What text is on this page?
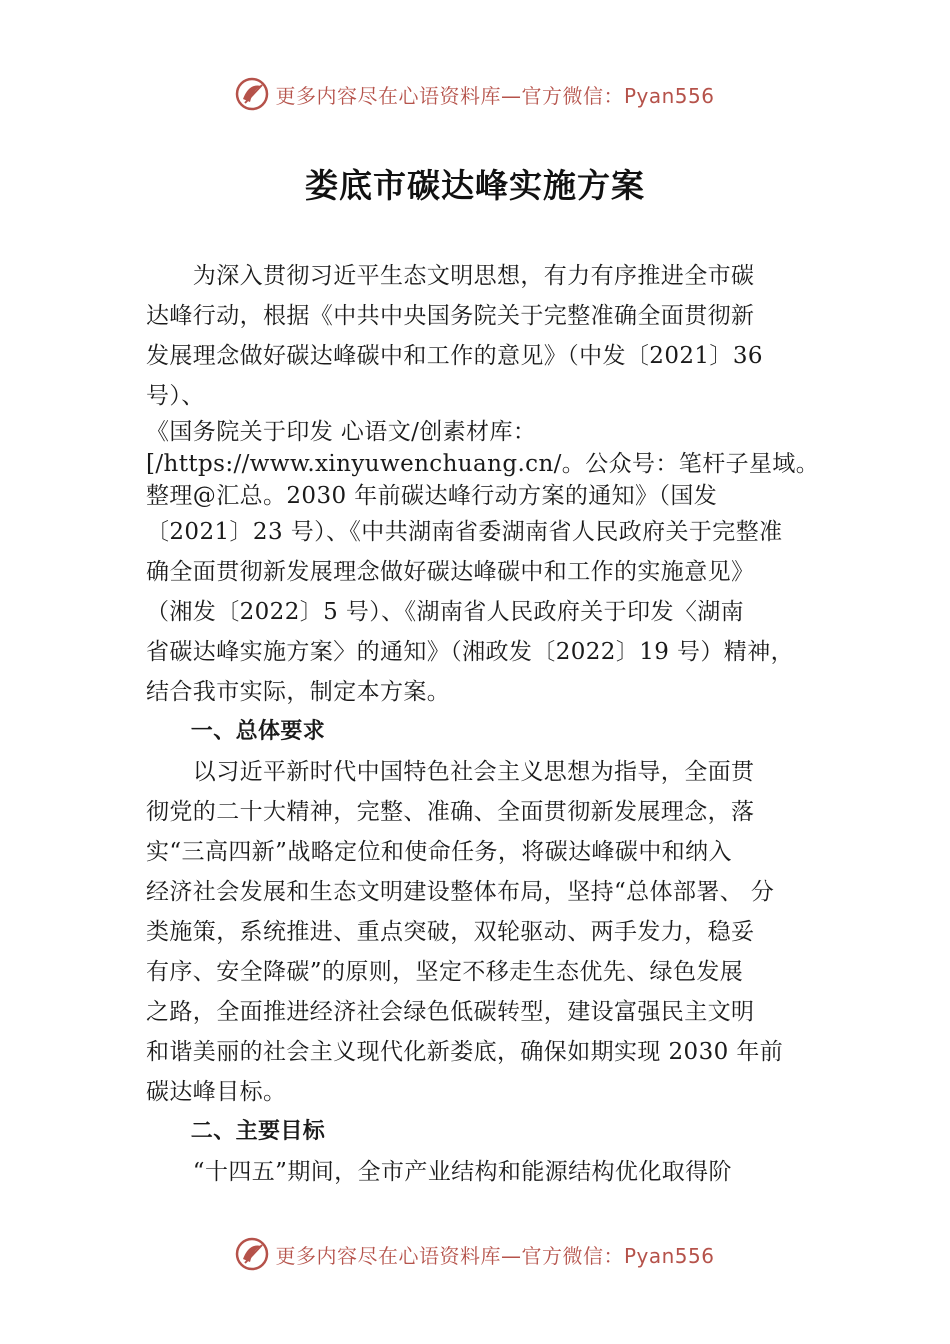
更多内容尽在心语资料库—官方微信：Pyan556
娄底市碳达峰实施方案
　　为深入贯彻习近平生态文明思想，有力有序推进全市碳
达峰行动，根据《中共中央国务院关于完整准确全面贯彻新
发展理念做好碳达峰碳中和工作的意见》（中发〔2021〕36
号）、
《国务院关于印发 心语文/创素材库：
[/https://www.xinyuwenchuang.cn/。公众号：笔杆子星域。
整理@汇总。2030 年前碳达峰行动方案的通知》（国发
〔2021〕23 号）、《中共湖南省委湖南省人民政府关于完整准
确全面贯彻新发展理念做好碳达峰碳中和工作的实施意见》
（湘发〔2022〕5 号）、《湖南省人民政府关于印发〈湖南
省碳达峰实施方案〉的通知》（湘政发〔2022〕19 号）精神，
结合我市实际，制定本方案。
　　一、总体要求
　　以习近平新时代中国特色社会主义思想为指导，全面贯
彻党的二十大精神，完整、准确、全面贯彻新发展理念，落
实“三高四新”战略定位和使命任务，将碳达峰碳中和纳入
经济社会发展和生态文明建设整体布局，坚持“总体部署、 分
类施策，系统推进、重点突破，双轮驱动、两手发力，稳妥
有序、安全降碳”的原则，坚定不移走生态优先、绿色发展
之路，全面推进经济社会绿色低碳转型，建设富强民主文明
和谐美丽的社会主义现代化新娄底，确保如期实现 2030 年前
碳达峰目标。
　　二、主要目标
　　“十四五”期间，全市产业结构和能源结构优化取得阶
更多内容尽在心语资料库—官方微信：Pyan556
